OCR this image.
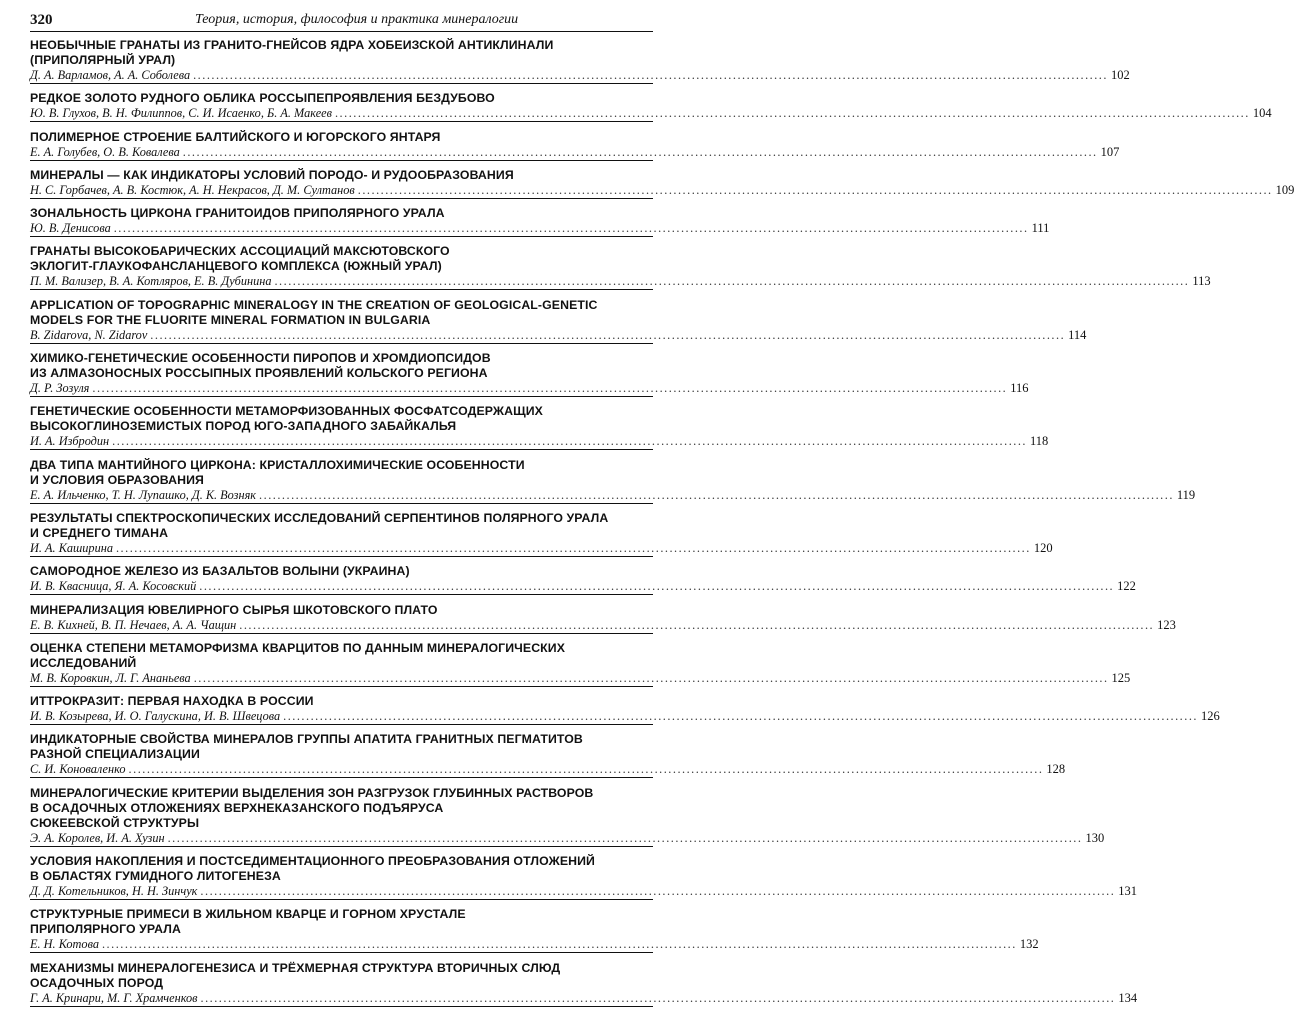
320	Теория, история, философия и практика минералогии
НЕОБЫЧНЫЕ ГРАНАТЫ ИЗ ГРАНИТО-ГНЕЙСОВ ЯДРА ХОБЕИЗСКОЙ АНТИКЛИНАЛИ
(ПРИПОЛЯРНЫЙ УРАЛ)
Д. А. Варламов, А. А. Соболева ........................................................................................................................................................................................................ 102
РЕДКОЕ ЗОЛОТО РУДНОГО ОБЛИКА РОССЫПЕПРОЯВЛЕНИЯ БЕЗДУБОВО
Ю. В. Глухов, В. Н. Филиппов, С. И. Исаенко, Б. А. Макеев ........................................................................................................................................................................................................ 104
ПОЛИМЕРНОЕ СТРОЕНИЕ БАЛТИЙСКОГО И ЮГОРСКОГО ЯНТАРЯ
Е. А. Голубев, О. В. Ковалева ........................................................................................................................................................................................................ 107
МИНЕРАЛЫ — КАК ИНДИКАТОРЫ УСЛОВИЙ ПОРОДО- И РУДООБРАЗОВАНИЯ
Н. С. Горбачев, А. В. Костюк, А. Н. Некрасов, Д. М. Султанов ........................................................................................................................................................................................................ 109
ЗОНАЛЬНОСТЬ ЦИРКОНА ГРАНИТОИДОВ ПРИПОЛЯРНОГО УРАЛА
Ю. В. Денисова ........................................................................................................................................................................................................ 111
ГРАНАТЫ ВЫСОКОБАРИЧЕСКИХ АССОЦИАЦИЙ МАКСЮТОВСКОГО
ЭКЛОГИТ-ГЛАУКОФАНСЛАНЦЕВОГО КОМПЛЕКСА (ЮЖНЫЙ УРАЛ)
П. М. Вализер, В. А. Котляров, Е. В. Дубинина ........................................................................................................................................................................................................ 113
APPLICATION OF TOPOGRAPHIC MINERALOGY IN THE CREATION OF GEOLOGICAL-GENETIC
MODELS FOR THE FLUORITE MINERAL FORMATION IN BULGARIA
B. Zidarova, N. Zidarov ........................................................................................................................................................................................................ 114
ХИМИКО-ГЕНЕТИЧЕСКИЕ ОСОБЕННОСТИ ПИРОПОВ И ХРОМДИОПСИДОВ
ИЗ АЛМАЗОНОСНЫХ РОССЫПНЫХ ПРОЯВЛЕНИЙ КОЛЬСКОГО РЕГИОНА
Д. Р. Зозуля ........................................................................................................................................................................................................ 116
ГЕНЕТИЧЕСКИЕ ОСОБЕННОСТИ МЕТАМОРФИЗОВАННЫХ ФОСФАТСОДЕРЖАЩИХ
ВЫСОКОГЛИНОЗЕМИСТЫХ ПОРОД ЮГО-ЗАПАДНОГО ЗАБАЙКАЛЬЯ
И. А. Избродин ........................................................................................................................................................................................................ 118
ДВА ТИПА МАНТИЙНОГО ЦИРКОНА: КРИСТАЛЛОХИМИЧЕСКИЕ ОСОБЕННОСТИ
И УСЛОВИЯ ОБРАЗОВАНИЯ
Е. А. Ильченко, Т. Н. Лупашко, Д. К. Возняк ........................................................................................................................................................................................................ 119
РЕЗУЛЬТАТЫ СПЕКТРОСКОПИЧЕСКИХ ИССЛЕДОВАНИЙ СЕРПЕНТИНОВ ПОЛЯРНОГО УРАЛА
И СРЕДНЕГО ТИМАНА
И. А. Каширина ........................................................................................................................................................................................................ 120
САМОРОДНОЕ ЖЕЛЕЗО ИЗ БАЗАЛЬТОВ ВОЛЫНИ (УКРАИНА)
И. В. Квасница, Я. А. Косовский ........................................................................................................................................................................................................ 122
МИНЕРАЛИЗАЦИЯ ЮВЕЛИРНОГО СЫРЬЯ ШКОТОВСКОГО ПЛАТО
Е. В. Кихней, В. П. Нечаев, А. А. Чащин ........................................................................................................................................................................................................ 123
ОЦЕНКА СТЕПЕНИ МЕТАМОРФИЗМА КВАРЦИТОВ ПО ДАННЫМ МИНЕРАЛОГИЧЕСКИХ
ИССЛЕДОВАНИЙ
М. В. Коровкин, Л. Г. Ананьева ........................................................................................................................................................................................................ 125
ИТТРОКРАЗИТ: ПЕРВАЯ НАХОДКА В РОССИИ
И. В. Козырева, И. О. Галускина, И. В. Швецова ........................................................................................................................................................................................................ 126
ИНДИКАТОРНЫЕ СВОЙСТВА МИНЕРАЛОВ ГРУППЫ АПАТИТА ГРАНИТНЫХ ПЕГМАТИТОВ
РАЗНОЙ СПЕЦИАЛИЗАЦИИ
С. И. Коноваленко ........................................................................................................................................................................................................ 128
МИНЕРАЛОГИЧЕСКИЕ КРИТЕРИИ ВЫДЕЛЕНИЯ ЗОН РАЗГРУЗОК ГЛУБИННЫХ РАСТВОРОВ
В ОСАДОЧНЫХ ОТЛОЖЕНИЯХ ВЕРХНЕКАЗАНСКОГО ПОДЪЯРУСА
СЮКЕЕВСКОЙ СТРУКТУРЫ
Э. А. Королев, И. А. Хузин ........................................................................................................................................................................................................ 130
УСЛОВИЯ НАКОПЛЕНИЯ И ПОСТСЕДИМЕНТАЦИОННОГО ПРЕОБРАЗОВАНИЯ ОТЛОЖЕНИЙ
В ОБЛАСТЯХ ГУМИДНОГО ЛИТОГЕНЕЗА
Д. Д. Котельников, Н. Н. Зинчук ........................................................................................................................................................................................................ 131
СТРУКТУРНЫЕ ПРИМЕСИ В ЖИЛЬНОМ КВАРЦЕ И ГОРНОМ ХРУСТАЛЕ
ПРИПОЛЯРНОГО УРАЛА
Е. Н. Котова ........................................................................................................................................................................................................ 132
МЕХАНИЗМЫ МИНЕРАЛОГЕНЕЗИСА И ТРЁХМЕРНАЯ СТРУКТУРА ВТОРИЧНЫХ СЛЮД
ОСАДОЧНЫХ ПОРОД
Г. А. Кринари, М. Г. Храмченков ........................................................................................................................................................................................................ 134
